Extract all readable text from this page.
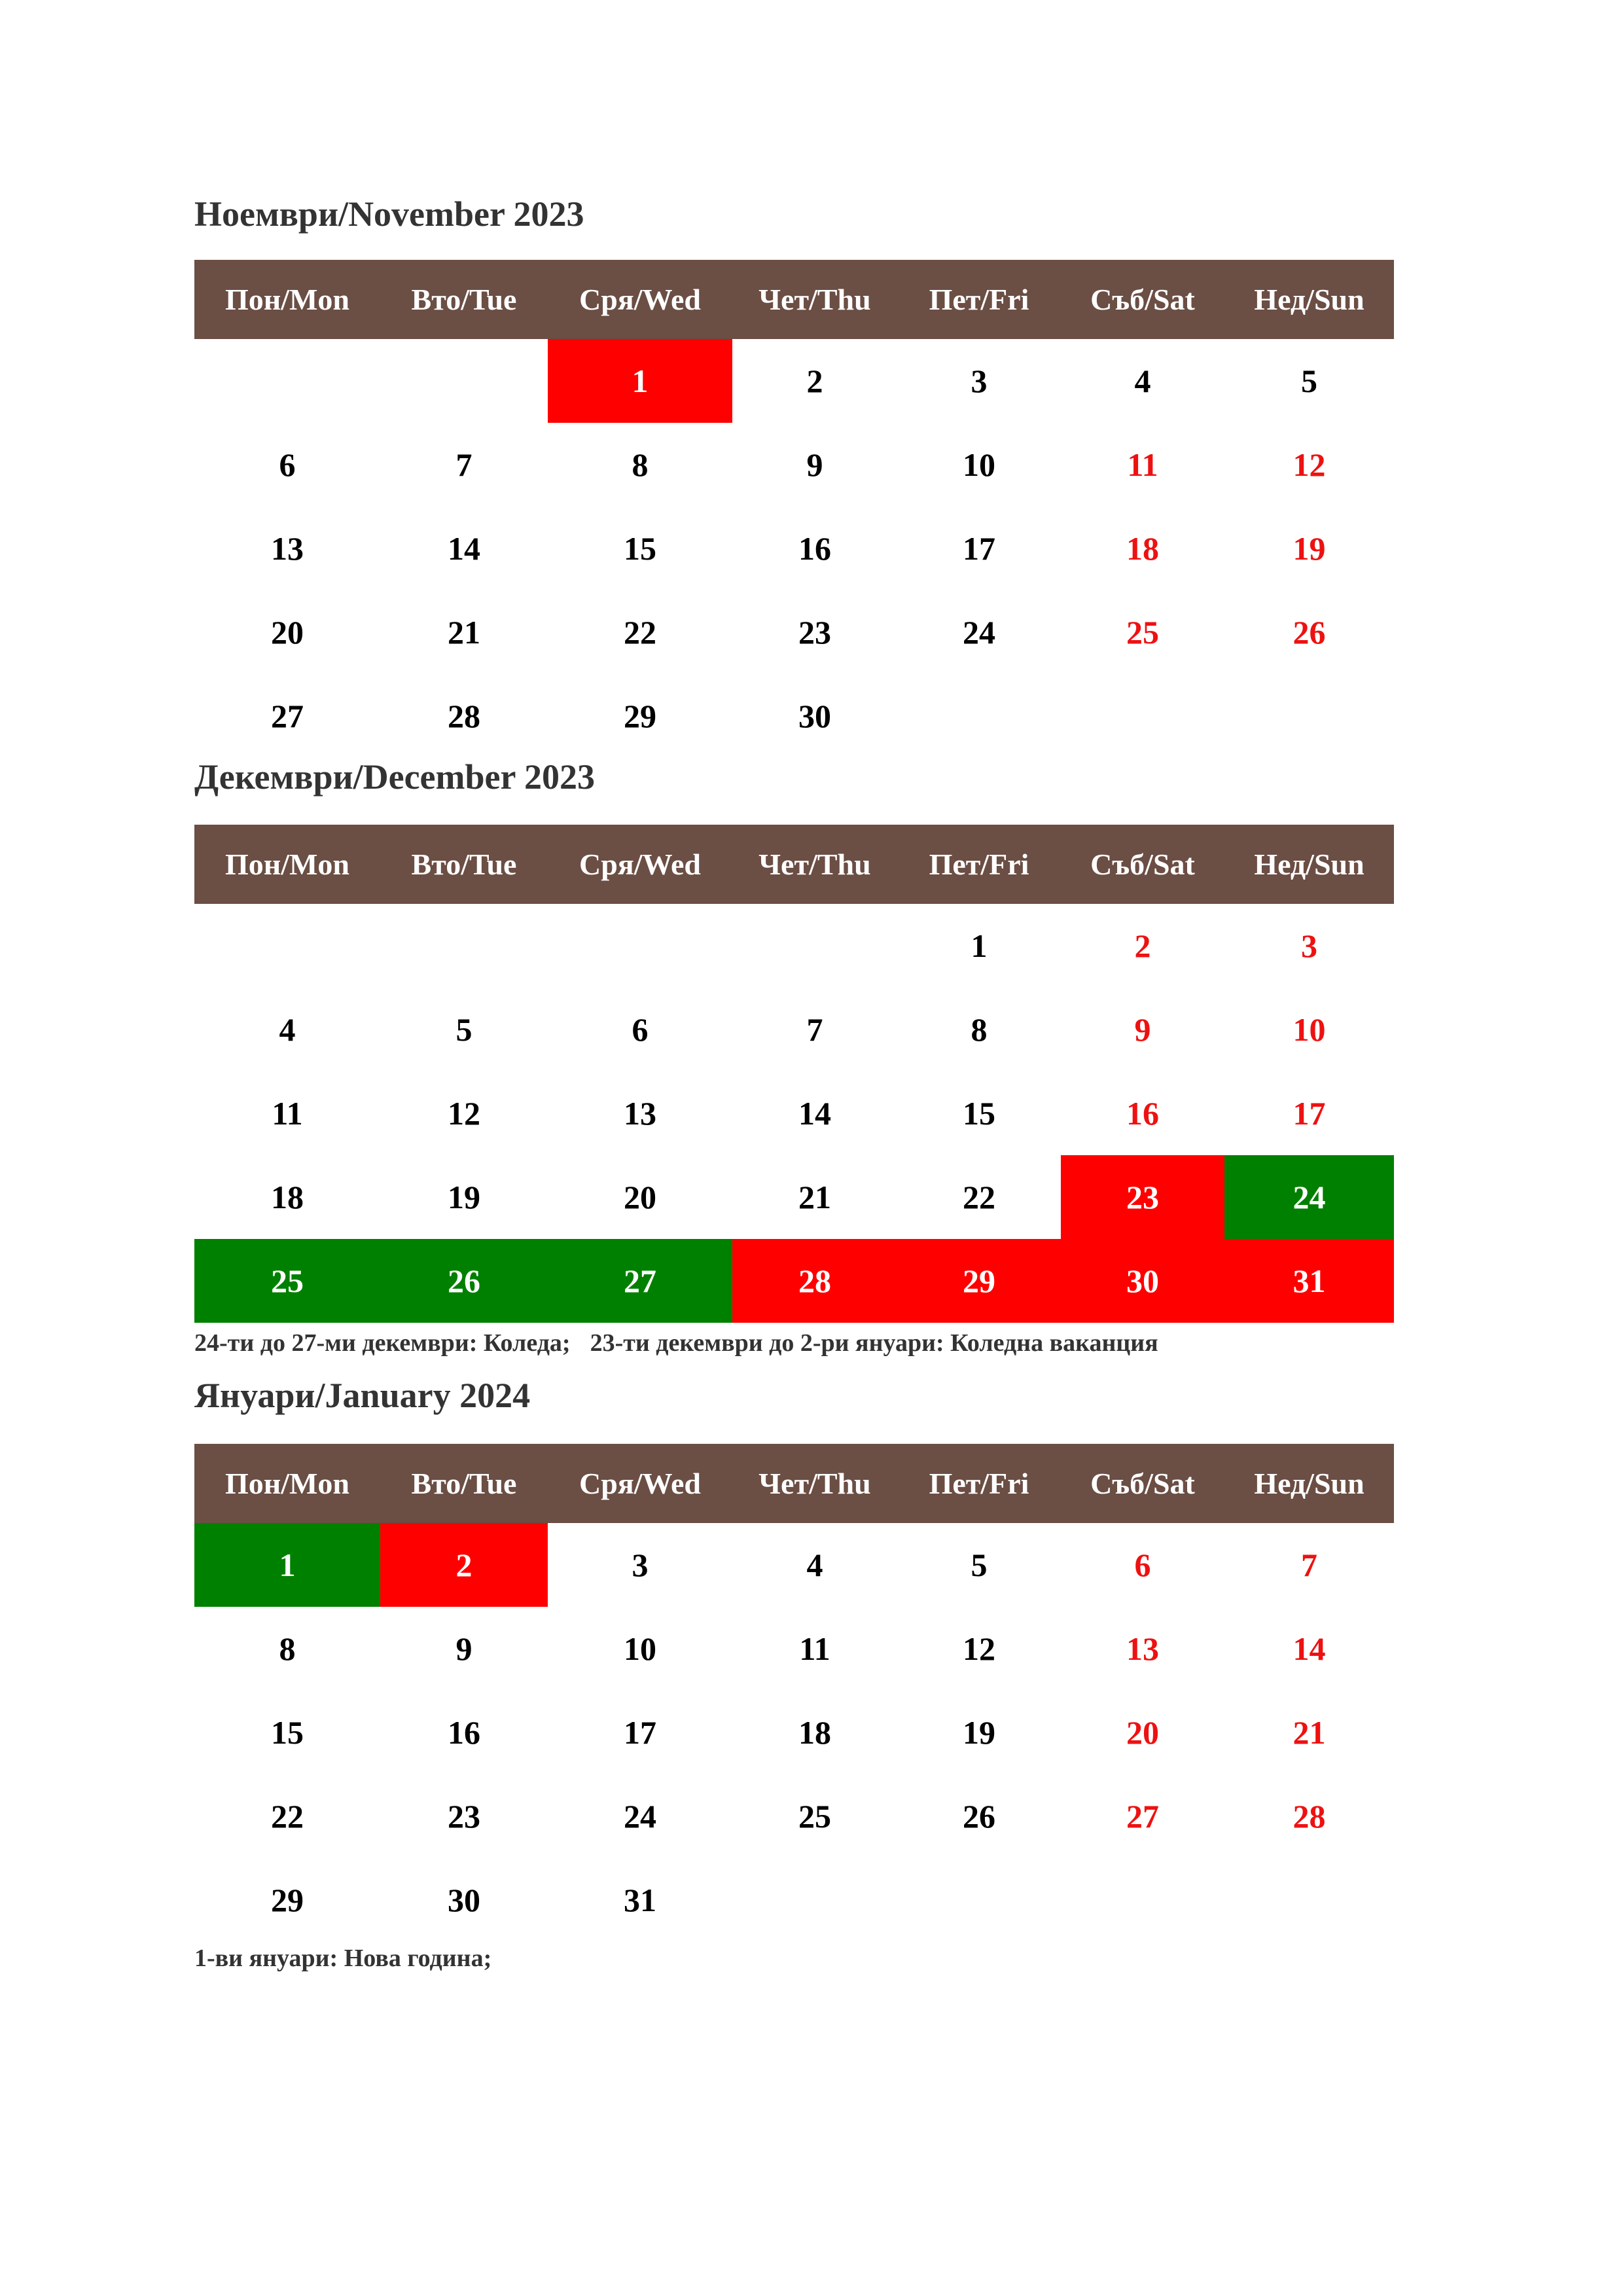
Ноември/November 2023
Пон/Mon	Вто/Tue	Сря/Wed	Чет/Thu	Пет/Fri	Съб/Sat	Нед/Sun
		1	2	3	4	5
6	7	8	9	10	11	12
13	14	15	16	17	18	19
20	21	22	23	24	25	26
27	28	29	30			
Декември/December 2023
Пон/Mon	Вто/Tue	Сря/Wed	Чет/Thu	Пет/Fri	Съб/Sat	Нед/Sun
				1	2	3
4	5	6	7	8	9	10
11	12	13	14	15	16	17
18	19	20	21	22	23	24
25	26	27	28	29	30	31

24-ти до 27-ми декември: Коледа; 23-ти декември до 2-ри януари: Коледна ваканция

Януари/January 2024
Пон/Mon	Вто/Tue	Сря/Wed	Чет/Thu	Пет/Fri	Съб/Sat	Нед/Sun
1	2	3	4	5	6	7
8	9	10	11	12	13	14
15	16	17	18	19	20	21
22	23	24	25	26	27	28
29	30	31				

1-ви януари: Нова година;
